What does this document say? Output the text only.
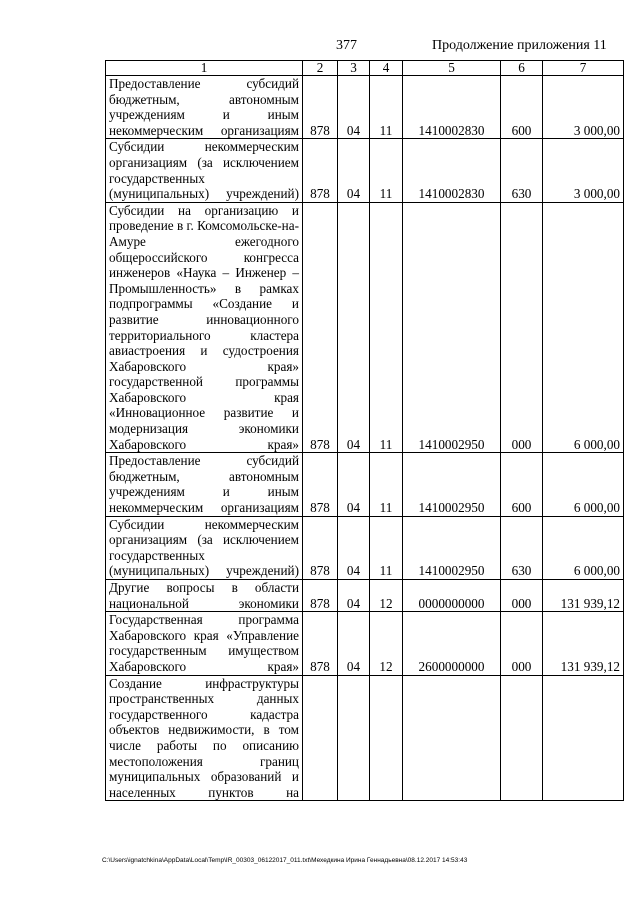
377	Продолжение приложения 11
1	2	3	4	5	6	7
Предоставление субсидий бюджетным, автономным учреждениям и иным некоммерческим организациям	878	04	11	1410002830	600	3 000,00
Субсидии некоммерческим организациям (за исключением государственных (муниципальных) учреждений)	878	04	11	1410002830	630	3 000,00
Субсидии на организацию и проведение в г. Комсомольске-на-Амуре ежегодного общероссийского конгресса инженеров «Наука – Инженер – Промышленность» в рамках подпрограммы «Создание и развитие инновационного территориального кластера авиастроения и судостроения Хабаровского края» государственной программы Хабаровского края «Инновационное развитие и модернизация экономики Хабаровского края»	878	04	11	1410002950	000	6 000,00
Предоставление субсидий бюджетным, автономным учреждениям и иным некоммерческим организациям	878	04	11	1410002950	600	6 000,00
Субсидии некоммерческим организациям (за исключением государственных (муниципальных) учреждений)	878	04	11	1410002950	630	6 000,00
Другие вопросы в области национальной экономики	878	04	12	0000000000	000	131 939,12
Государственная программа Хабаровского края «Управление государственным имуществом Хабаровского края»	878	04	12	2600000000	000	131 939,12
Создание инфраструктуры пространственных данных государственного кадастра объектов недвижимости, в том числе работы по описанию местоположения границ муниципальных образований и населенных пунктов на						
C:\Users\ignatchkina\AppData\Local\Temp\IR_00303_06122017_011.txt\Мехедкина Ирина Геннадьевна\08.12.2017 14:53:43
